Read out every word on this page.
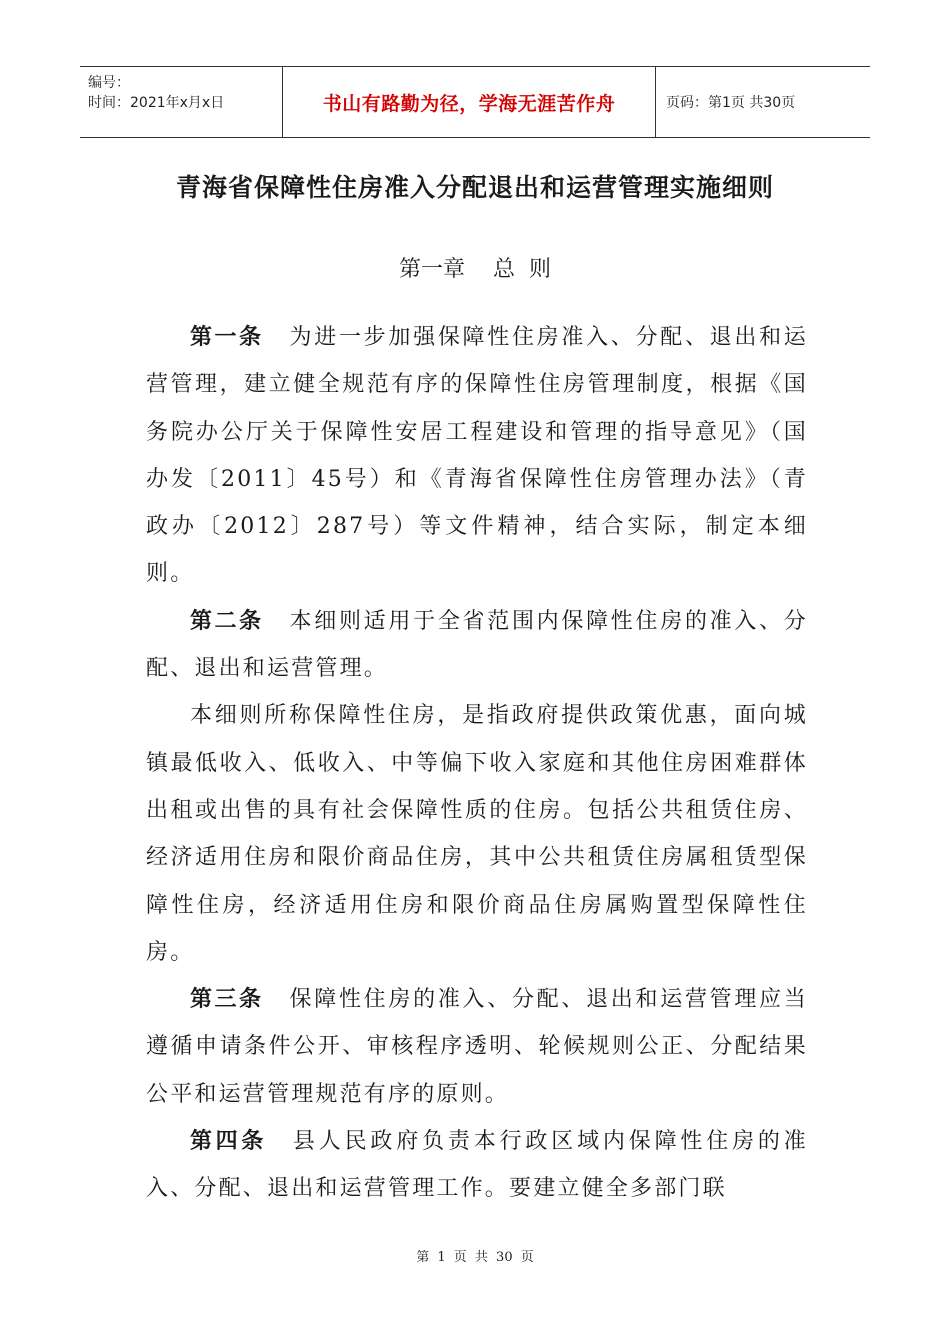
编号：
时间：2021年x月x日	书山有路勤为径，学海无涯苦作舟	页码：第1页 共30页
青海省保障性住房准入分配退出和运营管理实施细则
第一章    总  则

第一条 为进一步加强保障性住房准入、分配、退出和运营管理，建立健全规范有序的保障性住房管理制度，根据《国务院办公厅关于保障性安居工程建设和管理的指导意见》（国办发〔2011〕45号）和《青海省保障性住房管理办法》（青政办〔2012〕287号）等文件精神，结合实际，制定本细则。

第二条 本细则适用于全省范围内保障性住房的准入、分配、退出和运营管理。

本细则所称保障性住房，是指政府提供政策优惠，面向城镇最低收入、低收入、中等偏下收入家庭和其他住房困难群体出租或出售的具有社会保障性质的住房。包括公共租赁住房、经济适用住房和限价商品住房，其中公共租赁住房属租赁型保障性住房，经济适用住房和限价商品住房属购置型保障性住房。

第三条 保障性住房的准入、分配、退出和运营管理应当遵循申请条件公开、审核程序透明、轮候规则公正、分配结果公平和运营管理规范有序的原则。

第四条 县人民政府负责本行政区域内保障性住房的准入、分配、退出和运营管理工作。要建立健全多部门联

第 1 页 共 30 页
